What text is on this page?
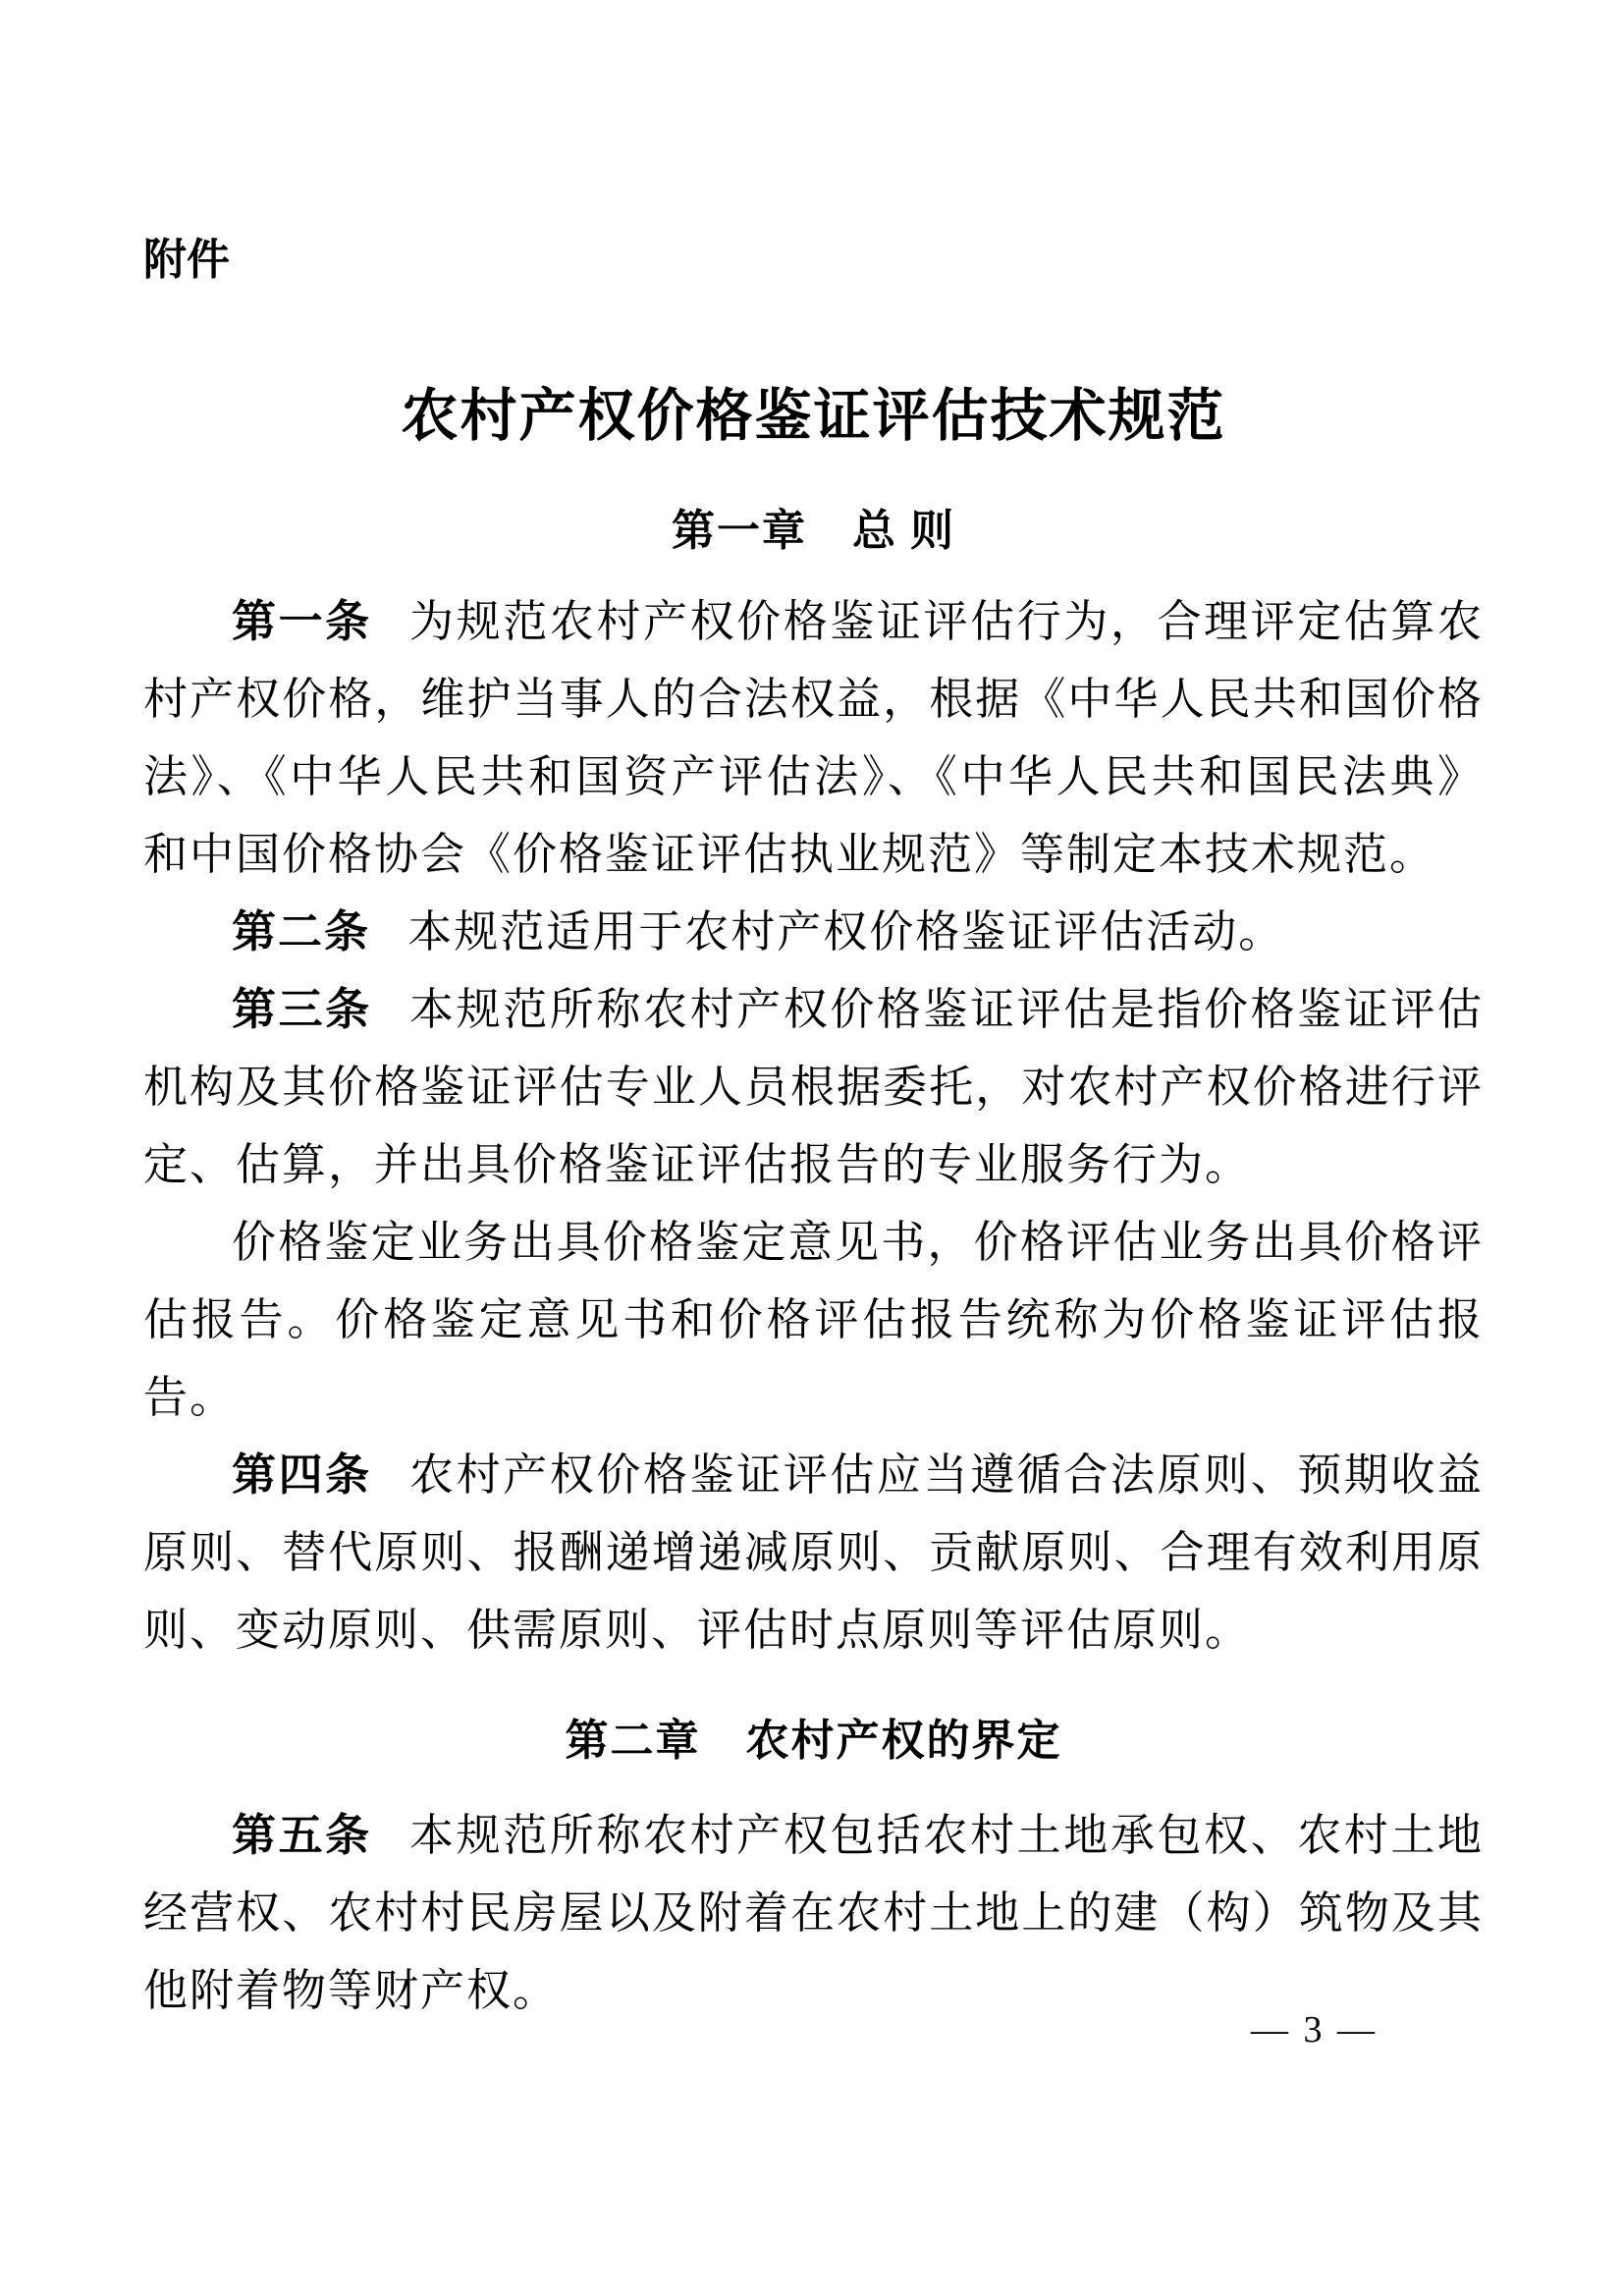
附件

农村产权价格鉴证评估技术规范
第一章　总 则

第一条 为规范农村产权价格鉴证评估行为，合理评定估算农村产权价格，维护当事人的合法权益，根据《中华人民共和国价格法》、《中华人民共和国资产评估法》、《中华人民共和国民法典》和中国价格协会《价格鉴证评估执业规范》等制定本技术规范。

第二条 本规范适用于农村产权价格鉴证评估活动。

第三条 本规范所称农村产权价格鉴证评估是指价格鉴证评估机构及其价格鉴证评估专业人员根据委托，对农村产权价格进行评定、估算，并出具价格鉴证评估报告的专业服务行为。

价格鉴定业务出具价格鉴定意见书，价格评估业务出具价格评估报告。价格鉴定意见书和价格评估报告统称为价格鉴证评估报告。

第四条 农村产权价格鉴证评估应当遵循合法原则、预期收益原则、替代原则、报酬递增递减原则、贡献原则、合理有效利用原则、变动原则、供需原则、评估时点原则等评估原则。

第二章　农村产权的界定

第五条 本规范所称农村产权包括农村土地承包权、农村土地经营权、农村村民房屋以及附着在农村土地上的建（构）筑物及其他附着物等财产权。

— 3 —
